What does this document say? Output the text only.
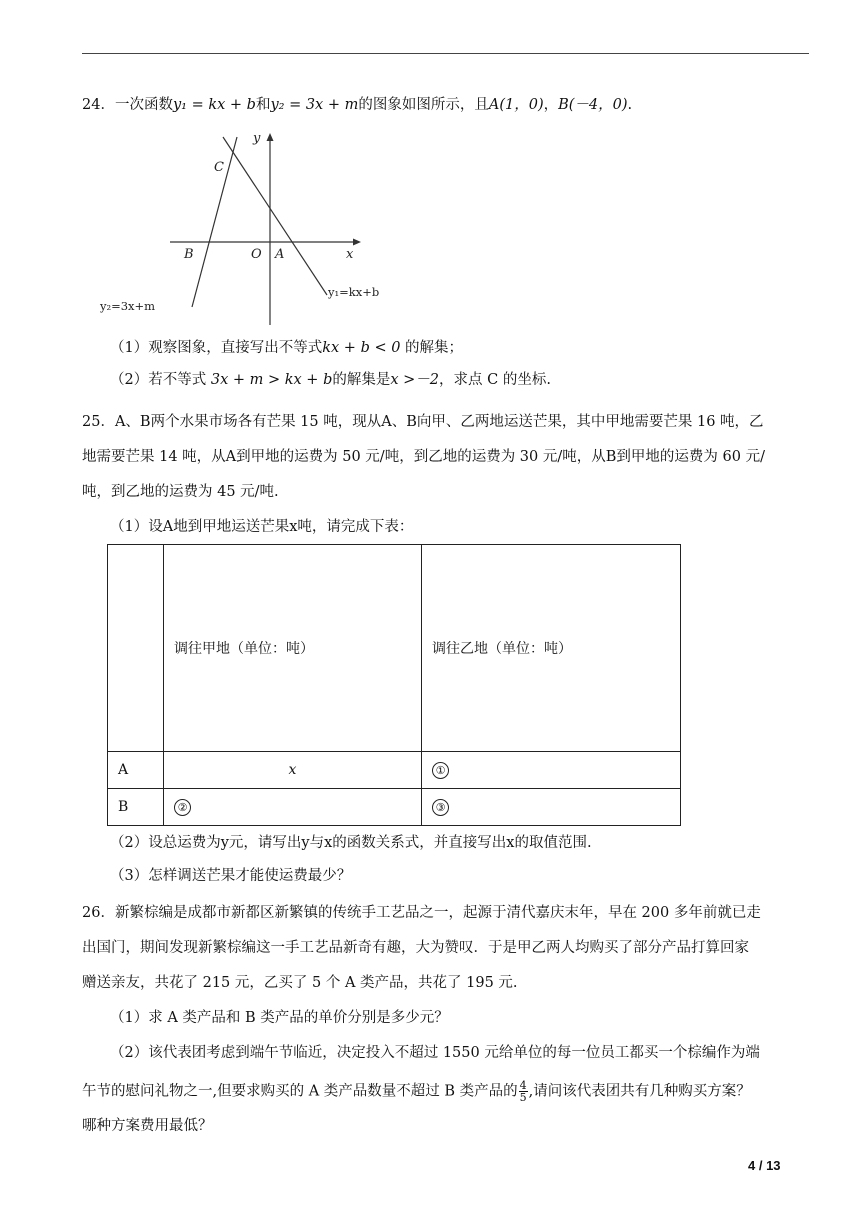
24．一次函数y₁ = kx + b和y₂ = 3x + m的图象如图所示，且A(1，0)，B(－4，0).
y
x
C
B	O A
y₁=kx+b
y₂=3x+m
（1）观察图象，直接写出不等式kx + b < 0 的解集；
（2）若不等式 3x + m > kx + b的解集是x >－2，求点 C 的坐标.
25．A、B两个水果市场各有芒果 15 吨，现从A、B向甲、乙两地运送芒果，其中甲地需要芒果 16 吨，乙
地需要芒果 14 吨，从A到甲地的运费为 50 元/吨，到乙地的运费为 30 元/吨，从B到甲地的运费为 60 元/
吨，到乙地的运费为 45 元/吨.
（1）设A地到甲地运送芒果x吨，请完成下表：
	调往甲地（单位：吨）	调往乙地（单位：吨）
A	x	①
B	②	③
（2）设总运费为y元，请写出y与x的函数关系式，并直接写出x的取值范围.
（3）怎样调送芒果才能使运费最少？
26．新繁棕编是成都市新都区新繁镇的传统手工艺品之一，起源于清代嘉庆末年，早在 200 多年前就已走
出国门，期间发现新繁棕编这一手工艺品新奇有趣，大为赞叹．于是甲乙两人均购买了部分产品打算回家
赠送亲友，共花了 215 元，乙买了 5 个 A 类产品，共花了 195 元.
（1）求 A 类产品和 B 类产品的单价分别是多少元？
（2）该代表团考虑到端午节临近，决定投入不超过 1550 元给单位的每一位员工都买一个棕编作为端
午节的慰问礼物之一,但要求购买的 A 类产品数量不超过 B 类产品的 $\frac{4}{5}$ ,请问该代表团共有几种购买方案？
哪种方案费用最低？
4 / 13
